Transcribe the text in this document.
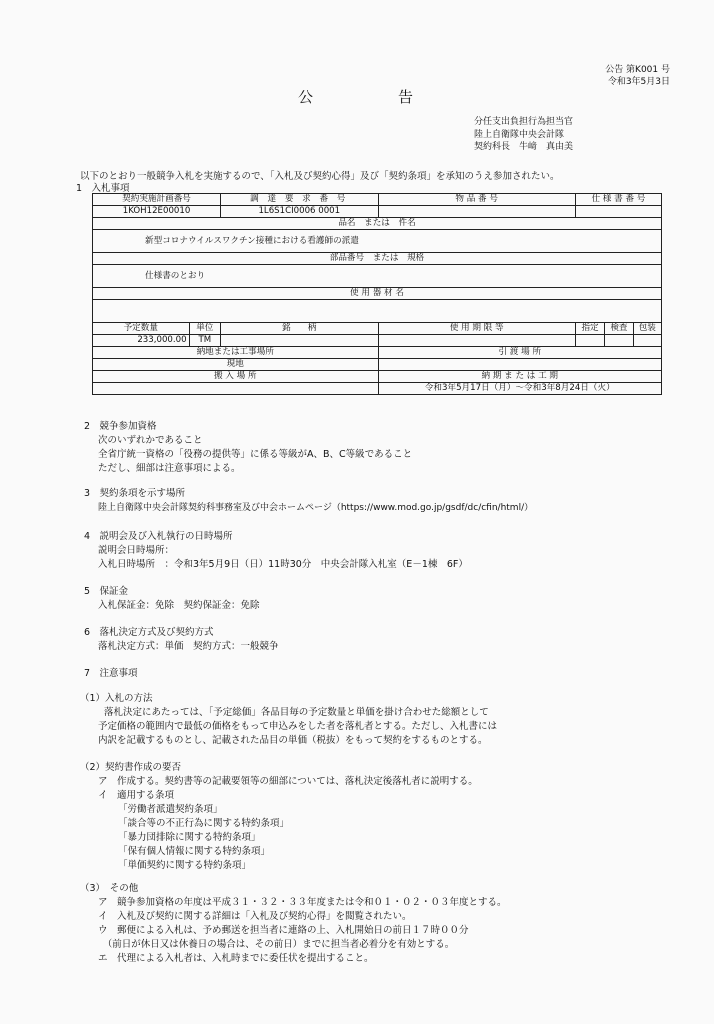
公告 第K001 号
令和3年5月3日
公	告
分任支出負担行為担当官
陸上自衛隊中央会計隊
契約科長　牛﨑　真由美
以下のとおり一般競争入札を実施するので、「入札及び契約心得」及び「契約条項」を承知のうえ参加されたい。
1　入札事項
契約実施計画番号		調 達 要 求 番 号	物 品 番 号	仕 様 書 番 号		
1KOH12E00010		1L6S1CI0006 0001				
品名　または　件名						
新型コロナウイルスワクチン接種における看護師の派遣						
部品番号　または　規格						
仕様書のとおり						
使 用 器 材 名						

予定数量	単位	銘　　柄	使 用 期 限 等	指定	検査	包装
233,000.00	TM					
納地または工事場所			引 渡 場 所			
現地						
搬 入 場 所			納 期 ま た は 工 期			
			令和3年5月17日（月）～令和3年8月24日（火）			
2　競争参加資格
次のいずれかであること
全省庁統一資格の「役務の提供等」に係る等級がA、B、C等級であること
ただし、細部は注意事項による。
3　契約条項を示す場所
陸上自衛隊中央会計隊契約科事務室及び中会ホームページ（https://www.mod.go.jp/gsdf/dc/cfin/html/）
4　説明会及び入札執行の日時場所
説明会日時場所：
入札日時場所　：令和3年5月9日（日）11時30分　中央会計隊入札室（E－1棟　6F）
5　保証金
入札保証金：免除　契約保証金：免除
6　落札決定方式及び契約方式
落札決定方式：単価　契約方式：一般競争
7　注意事項
（1）入札の方法
落札決定にあたっては、「予定総価」各品目毎の予定数量と単価を掛け合わせた総額として
予定価格の範囲内で最低の価格をもって申込みをした者を落札者とする。ただし、入札書には
内訳を記載するものとし、記載された品目の単価（税抜）をもって契約をするものとする。
（2）契約書作成の要否
ア　作成する。契約書等の記載要領等の細部については、落札決定後落札者に説明する。
イ　適用する条項
「労働者派遣契約条項」
「談合等の不正行為に関する特約条項」
「暴力団排除に関する特約条項」
「保有個人情報に関する特約条項」
「単価契約に関する特約条項」
（3）　その他
ア　競争参加資格の年度は平成３１・３２・３３年度または令和０１・０２・０３年度とする。
イ　入札及び契約に関する詳細は「入札及び契約心得」を閲覧されたい。
ウ　郵便による入札は、予め郵送を担当者に連絡の上、入札開始日の前日１７時００分
　（前日が休日又は休養日の場合は、その前日）までに担当者必着分を有効とする。
エ　代理による入札者は、入札時までに委任状を提出すること。
